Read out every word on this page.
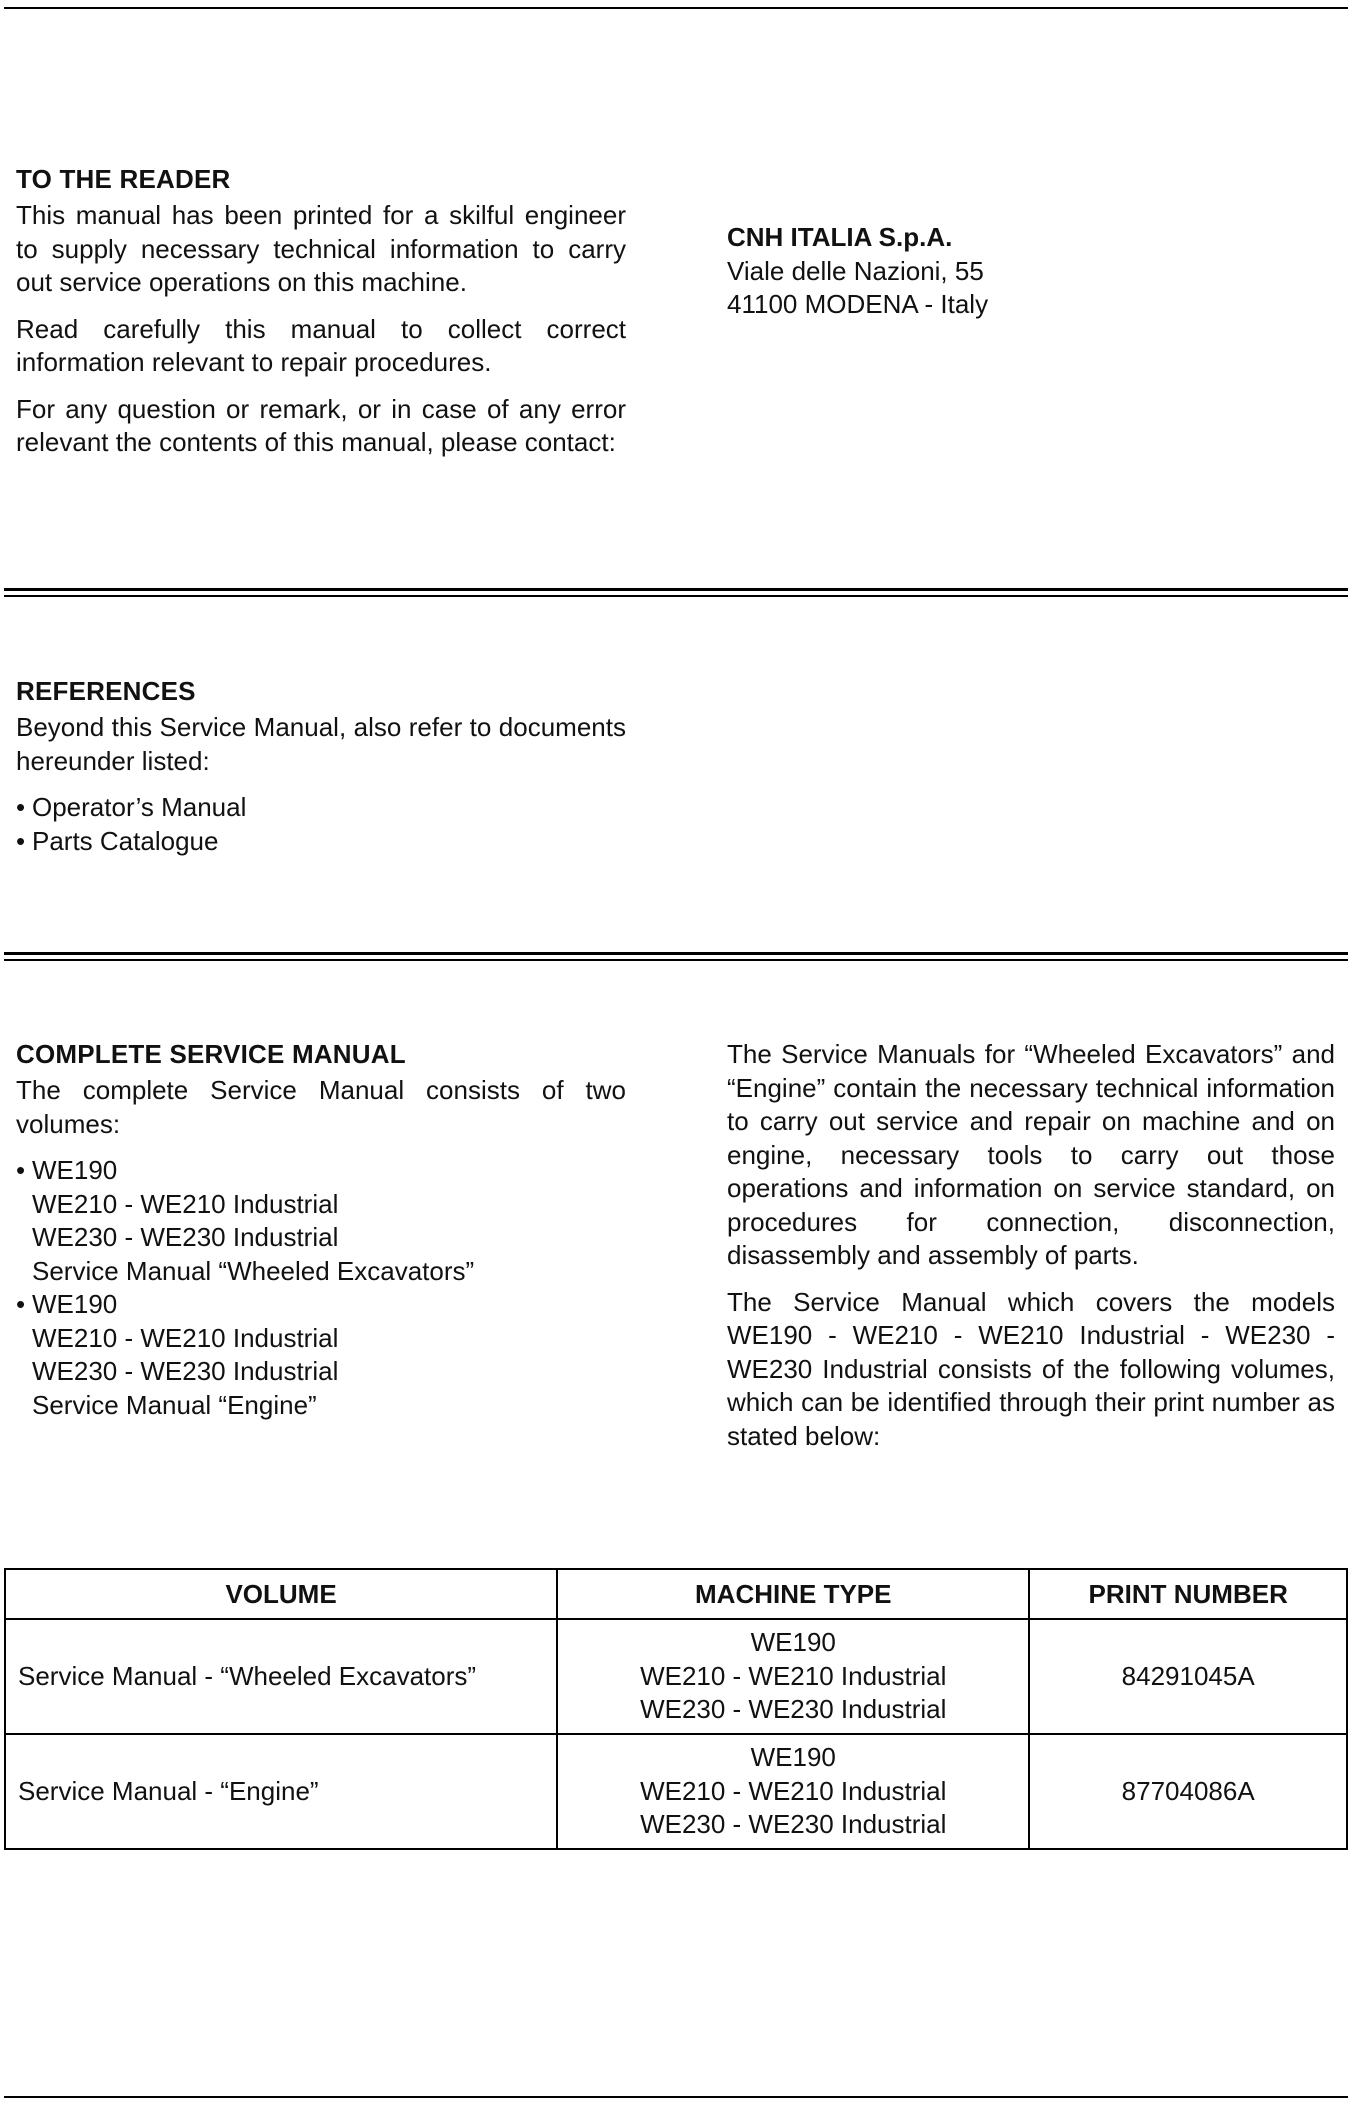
TO THE READER

This manual has been printed for a skilful engineer to supply necessary technical information to carry out service operations on this machine.

Read carefully this manual to collect correct information relevant to repair procedures.

For any question or remark, or in case of any error relevant the contents of this manual, please contact:

CNH ITALIA S.p.A.
Viale delle Nazioni, 55
41100 MODENA - Italy
REFERENCES

Beyond this Service Manual, also refer to documents hereunder listed:

• Operator’s Manual
• Parts Catalogue
COMPLETE SERVICE MANUAL

The complete Service Manual consists of two volumes:

• WE190
WE210 - WE210 Industrial
WE230 - WE230 Industrial
Service Manual “Wheeled Excavators”
• WE190
WE210 - WE210 Industrial
WE230 - WE230 Industrial
Service Manual “Engine”

The Service Manuals for “Wheeled Excavators” and “Engine” contain the necessary technical information to carry out service and repair on machine and on engine, necessary tools to carry out those operations and information on service standard, on procedures for connection, disconnection, disassembly and assembly of parts.

The Service Manual which covers the models WE190 - WE210 - WE210 Industrial - WE230 - WE230 Industrial consists of the following volumes, which can be identified through their print number as stated below:

VOLUME	MACHINE TYPE	PRINT NUMBER
Service Manual - “Wheeled Excavators”	WE190
WE210 - WE210 Industrial
WE230 - WE230 Industrial	84291045A
Service Manual - “Engine”	WE190
WE210 - WE210 Industrial
WE230 - WE230 Industrial	87704086A
